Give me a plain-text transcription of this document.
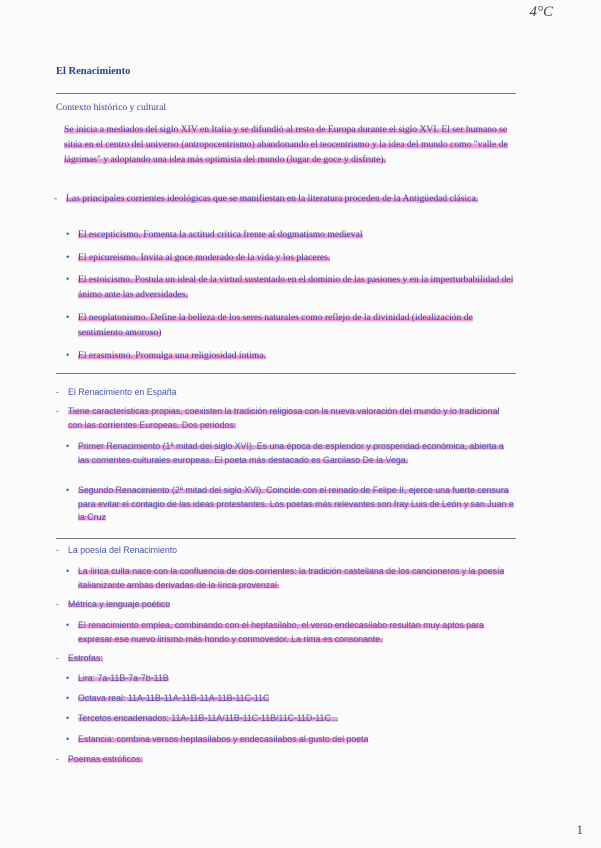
4°C
1
El Renacimiento
Contexto histórico y cultural
Se inicia a mediados del siglo XIV en Italia y se difundió al resto de Europa durante el siglo XVI. El ser humano se sitúa en el centro del universo (antropocentrismo) abandonando el teocentrismo y la idea del mundo como "valle de lágrimas" y adoptando una idea más optimista del mundo (lugar de goce y disfrute).
- Las principales corrientes ideológicas que se manifiestan en la literatura proceden de la Antigüedad clásica.
• El escepticismo. Fomenta la actitud crítica frente al dogmatismo medieval
• El epicureísmo. Invita al goce moderado de la vida y los placeres.
• El estoicismo. Postula un ideal de la virtud sustentado en el dominio de las pasiones y en la imperturbabilidad del ánimo ante las adversidades.
• El neoplatonismo. Define la belleza de los seres naturales como reflejo de la divinidad (idealización de sentimiento amoroso)
• El erasmismo. Promulga una religiosidad íntima.
- El Renacimiento en España
- Tiene características propias, coexisten la tradición religiosa con la nueva valoración del mundo y lo tradicional con las corrientes Europeas. Dos periodos:
• Primer Renacimiento (1ª mitad del siglo XVI). Es una época de esplendor y prosperidad económica, abierta a las corrientes culturales europeas. El poeta más destacado es Garcilaso De la Vega.
• Segundo Renacimiento (2ª mitad del siglo XVI). Coincide con el reinado de Felipe II, ejerce una fuerte censura para evitar el contagio de las ideas protestantes. Los poetas más relevantes son fray Luis de León y san Juan e la Cruz
- La poesía del Renacimiento
• La lírica culta nace con la confluencia de dos corrientes: la tradición castellana de los cancioneros y la poesía italianizante ambas derivadas de la lírica provenzal.
- Métrica y lenguaje poético
• El renacimiento emplea, combinando con el heptasílabo, el verso endecasílabo resultan muy aptos para expresar ese nuevo lirismo más hondo y conmovedor. La rima es consonante.
- Estrofas:
• Lira: 7a-11B-7a-7b-11B
• Octava real: 11A-11B-11A-11B-11A-11B-11C-11C
• Tercetos encadenados: 11A-11B-11A/11B-11C-11B/11C-11D-11C...
• Estancia: combina versos heptasílabos y endecasílabos al gusto del poeta
- Poemas estróficos:
